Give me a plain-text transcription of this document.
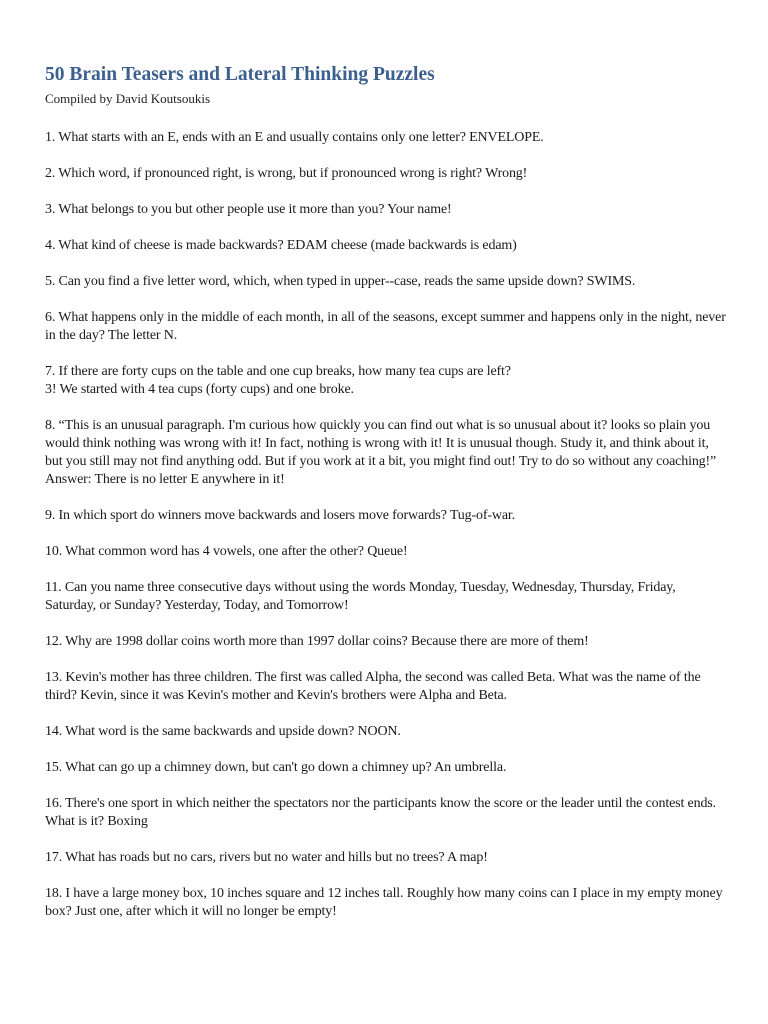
50 Brain Teasers and Lateral Thinking Puzzles

Compiled by David Koutsoukis

1. What starts with an E, ends with an E and usually contains only one letter? ENVELOPE.

2. Which word, if pronounced right, is wrong, but if pronounced wrong is right? Wrong!

3. What belongs to you but other people use it more than you? Your name!

4. What kind of cheese is made backwards? EDAM cheese (made backwards is edam)

5. Can you find a five letter word, which, when typed in upper--case, reads the same upside down? SWIMS.

6. What happens only in the middle of each month, in all of the seasons, except summer and happens only in the night, never in the day? The letter N.

7. If there are forty cups on the table and one cup breaks, how many tea cups are left?
3! We started with 4 tea cups (forty cups) and one broke.

8. “This is an unusual paragraph. I'm curious how quickly you can find out what is so unusual about it? looks so plain you would think nothing was wrong with it! In fact, nothing is wrong with it! It is unusual though. Study it, and think about it, but you still may not find anything odd. But if you work at it a bit, you might find out! Try to do so without any coaching!”
Answer: There is no letter E anywhere in it!

9. In which sport do winners move backwards and losers move forwards? Tug-of-war.

10. What common word has 4 vowels, one after the other? Queue!

11. Can you name three consecutive days without using the words Monday, Tuesday, Wednesday, Thursday, Friday, Saturday, or Sunday? Yesterday, Today, and Tomorrow!

12. Why are 1998 dollar coins worth more than 1997 dollar coins? Because there are more of them!

13. Kevin's mother has three children. The first was called Alpha, the second was called Beta. What was the name of the third? Kevin, since it was Kevin's mother and Kevin's brothers were Alpha and Beta.

14. What word is the same backwards and upside down? NOON.

15. What can go up a chimney down, but can't go down a chimney up? An umbrella.

16. There's one sport in which neither the spectators nor the participants know the score or the leader until the contest ends. What is it? Boxing

17. What has roads but no cars, rivers but no water and hills but no trees? A map!

18. I have a large money box, 10 inches square and 12 inches tall. Roughly how many coins can I place in my empty money box? Just one, after which it will no longer be empty!
